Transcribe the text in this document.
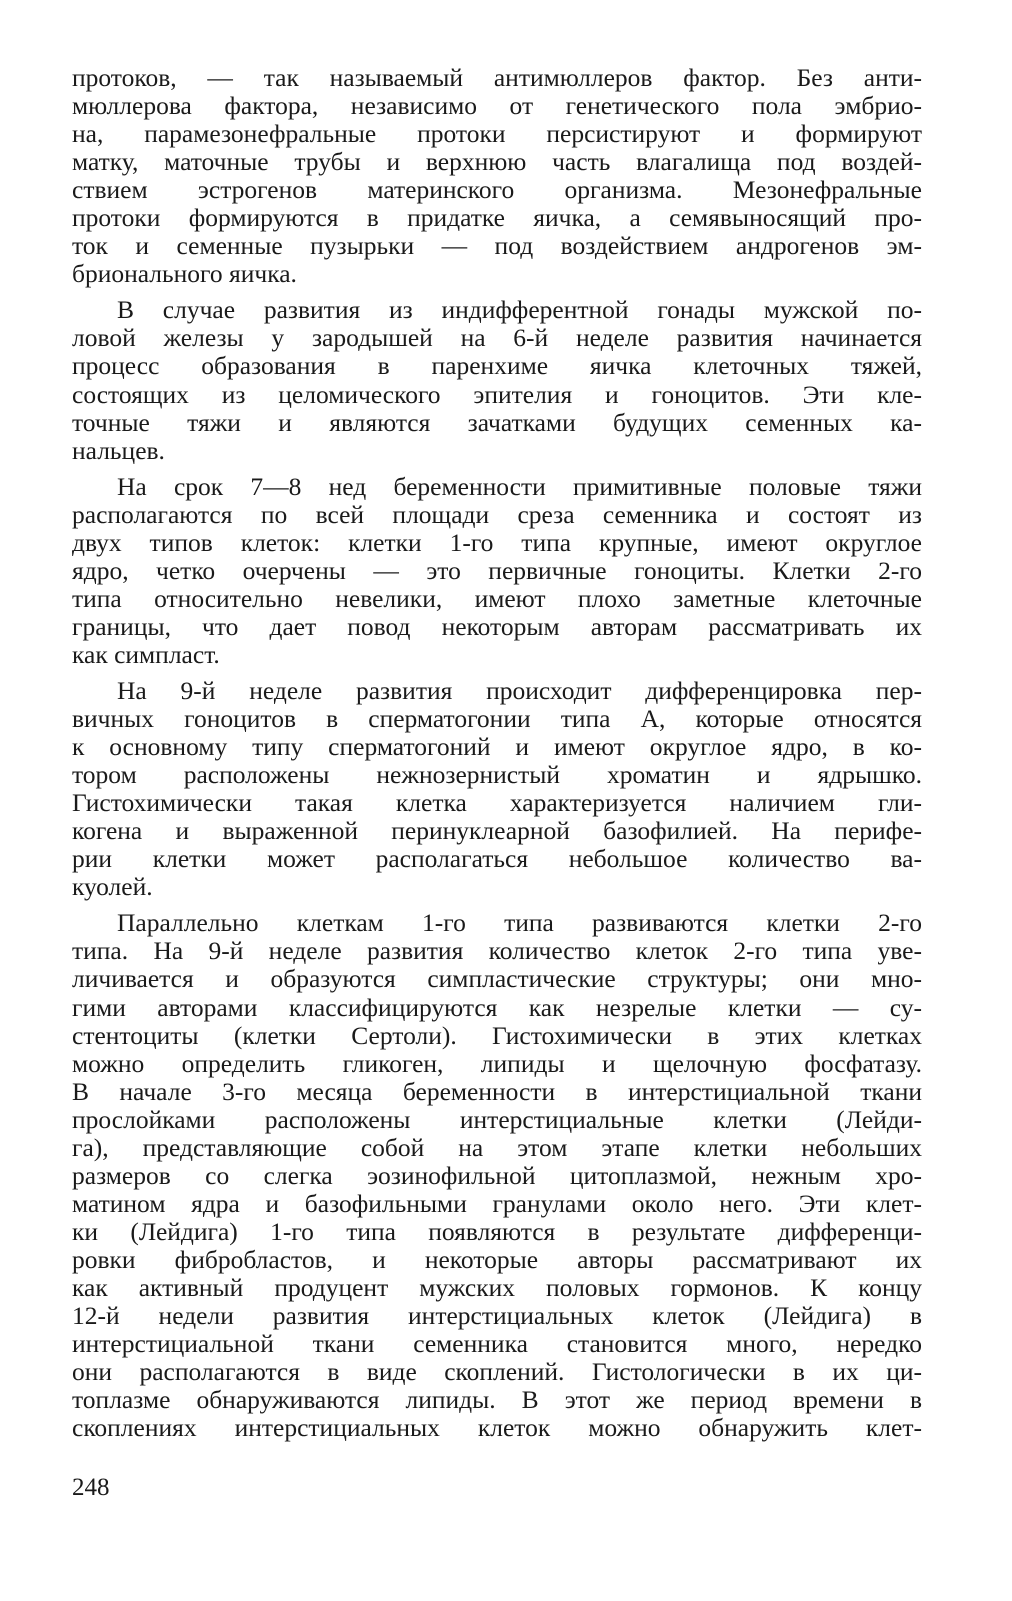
протоков, — так называемый антимюллеров фактор. Без анти-
мюллерова фактора, независимо от генетического пола эмбрио-
на, парамезонефральные протоки персистируют и формируют
матку, маточные трубы и верхнюю часть влагалища под воздей-
ствием эстрогенов материнского организма. Мезонефральные
протоки формируются в придатке яичка, а семявыносящий про-
ток и семенные пузырьки — под воздействием андрогенов эм-
брионального яичка.
В случае развития из индифферентной гонады мужской по-
ловой железы у зародышей на 6-й неделе развития начинается
процесс образования в паренхиме яичка клеточных тяжей,
состоящих из целомического эпителия и гоноцитов. Эти кле-
точные тяжи и являются зачатками будущих семенных ка-
нальцев.
На срок 7—8 нед беременности примитивные половые тяжи
располагаются по всей площади среза семенника и состоят из
двух типов клеток: клетки 1-го типа крупные, имеют округлое
ядро, четко очерчены — это первичные гоноциты. Клетки 2-го
типа относительно невелики, имеют плохо заметные клеточные
границы, что дает повод некоторым авторам рассматривать их
как симпласт.
На 9-й неделе развития происходит дифференцировка пер-
вичных гоноцитов в сперматогонии типа А, которые относятся
к основному типу сперматогоний и имеют округлое ядро, в ко-
тором расположены нежнозернистый хроматин и ядрышко.
Гистохимически такая клетка характеризуется наличием гли-
когена и выраженной перинуклеарной базофилией. На перифе-
рии клетки может располагаться небольшое количество ва-
куолей.
Параллельно клеткам 1-го типа развиваются клетки 2-го
типа. На 9-й неделе развития количество клеток 2-го типа уве-
личивается и образуются симпластические структуры; они мно-
гими авторами классифицируются как незрелые клетки — су-
стентоциты (клетки Сертоли). Гистохимически в этих клетках
можно определить гликоген, липиды и щелочную фосфатазу.
В начале 3-го месяца беременности в интерстициальной ткани
прослойками расположены интерстициальные клетки (Лейди-
га), представляющие собой на этом этапе клетки небольших
размеров со слегка эозинофильной цитоплазмой, нежным хро-
матином ядра и базофильными гранулами около него. Эти клет-
ки (Лейдига) 1-го типа появляются в результате дифференци-
ровки фибробластов, и некоторые авторы рассматривают их
как активный продуцент мужских половых гормонов. К концу
12-й недели развития интерстициальных клеток (Лейдига) в
интерстициальной ткани семенника становится много, нередко
они располагаются в виде скоплений. Гистологически в их ци-
топлазме обнаруживаются липиды. В этот же период времени в
скоплениях интерстициальных клеток можно обнаружить клет-
248
